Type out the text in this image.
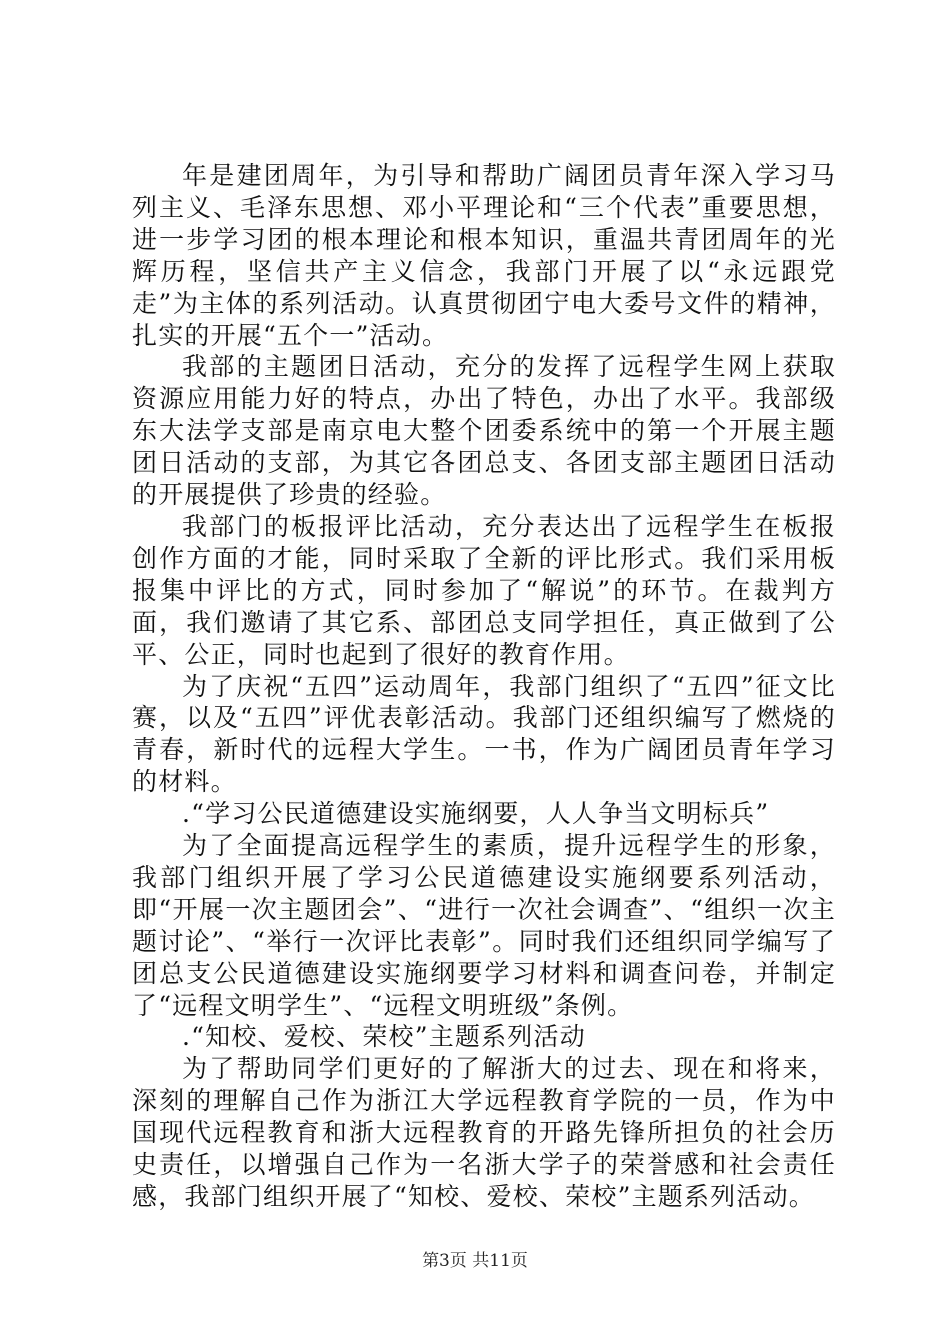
年是建团周年，为引导和帮助广阔团员青年深入学习马列主义、毛泽东思想、邓小平理论和“三个代表”重要思想，进一步学习团的根本理论和根本知识，重温共青团周年的光辉历程，坚信共产主义信念，我部门开展了以“永远跟党走”为主体的系列活动。认真贯彻团宁电大委号文件的精神，扎实的开展“五个一”活动。

我部的主题团日活动，充分的发挥了远程学生网上获取资源应用能力好的特点，办出了特色，办出了水平。我部级东大法学支部是南京电大整个团委系统中的第一个开展主题团日活动的支部，为其它各团总支、各团支部主题团日活动的开展提供了珍贵的经验。

我部门的板报评比活动，充分表达出了远程学生在板报创作方面的才能，同时采取了全新的评比形式。我们采用板报集中评比的方式，同时参加了“解说”的环节。在裁判方面，我们邀请了其它系、部团总支同学担任，真正做到了公平、公正，同时也起到了很好的教育作用。

为了庆祝“五四”运动周年，我部门组织了“五四”征文比赛，以及“五四”评优表彰活动。我部门还组织编写了燃烧的青春，新时代的远程大学生。一书，作为广阔团员青年学习的材料。

.“学习公民道德建设实施纲要，人人争当文明标兵”

为了全面提高远程学生的素质，提升远程学生的形象，我部门组织开展了学习公民道德建设实施纲要系列活动，即“开展一次主题团会”、“进行一次社会调查”、“组织一次主题讨论”、“举行一次评比表彰”。同时我们还组织同学编写了团总支公民道德建设实施纲要学习材料和调查问卷，并制定了“远程文明学生”、“远程文明班级”条例。

.“知校、爱校、荣校”主题系列活动

为了帮助同学们更好的了解浙大的过去、现在和将来，深刻的理解自己作为浙江大学远程教育学院的一员，作为中国现代远程教育和浙大远程教育的开路先锋所担负的社会历史责任，以增强自己作为一名浙大学子的荣誉感和社会责任感，我部门组织开展了“知校、爱校、荣校”主题系列活动。

第3页 共11页
